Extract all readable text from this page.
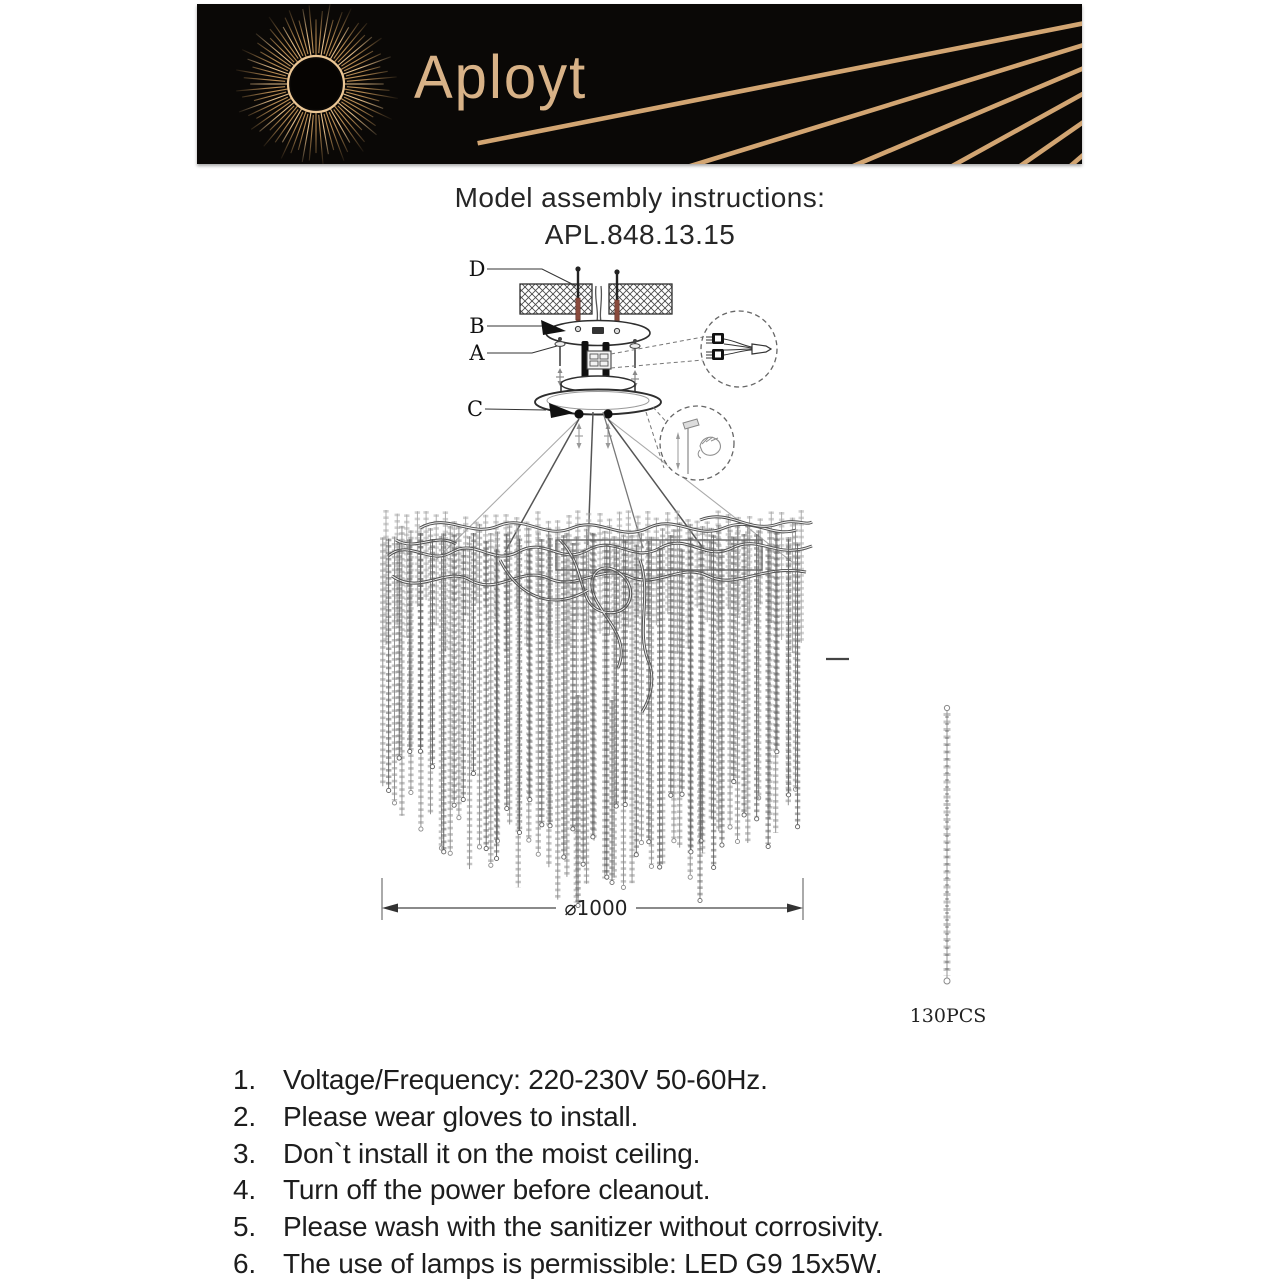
Aployt
Model assembly instructions:
APL.848.13.15
D
B
A
C
⌀1000
130PCS
1. Voltage/Frequency: 220-230V 50-60Hz.
2. Please wear gloves to install.
3. Don`t install it on the moist ceiling.
4. Turn off the power before cleanout.
5. Please wash with the sanitizer without corrosivity.
6. The use of lamps is permissible: LED G9 15x5W.
